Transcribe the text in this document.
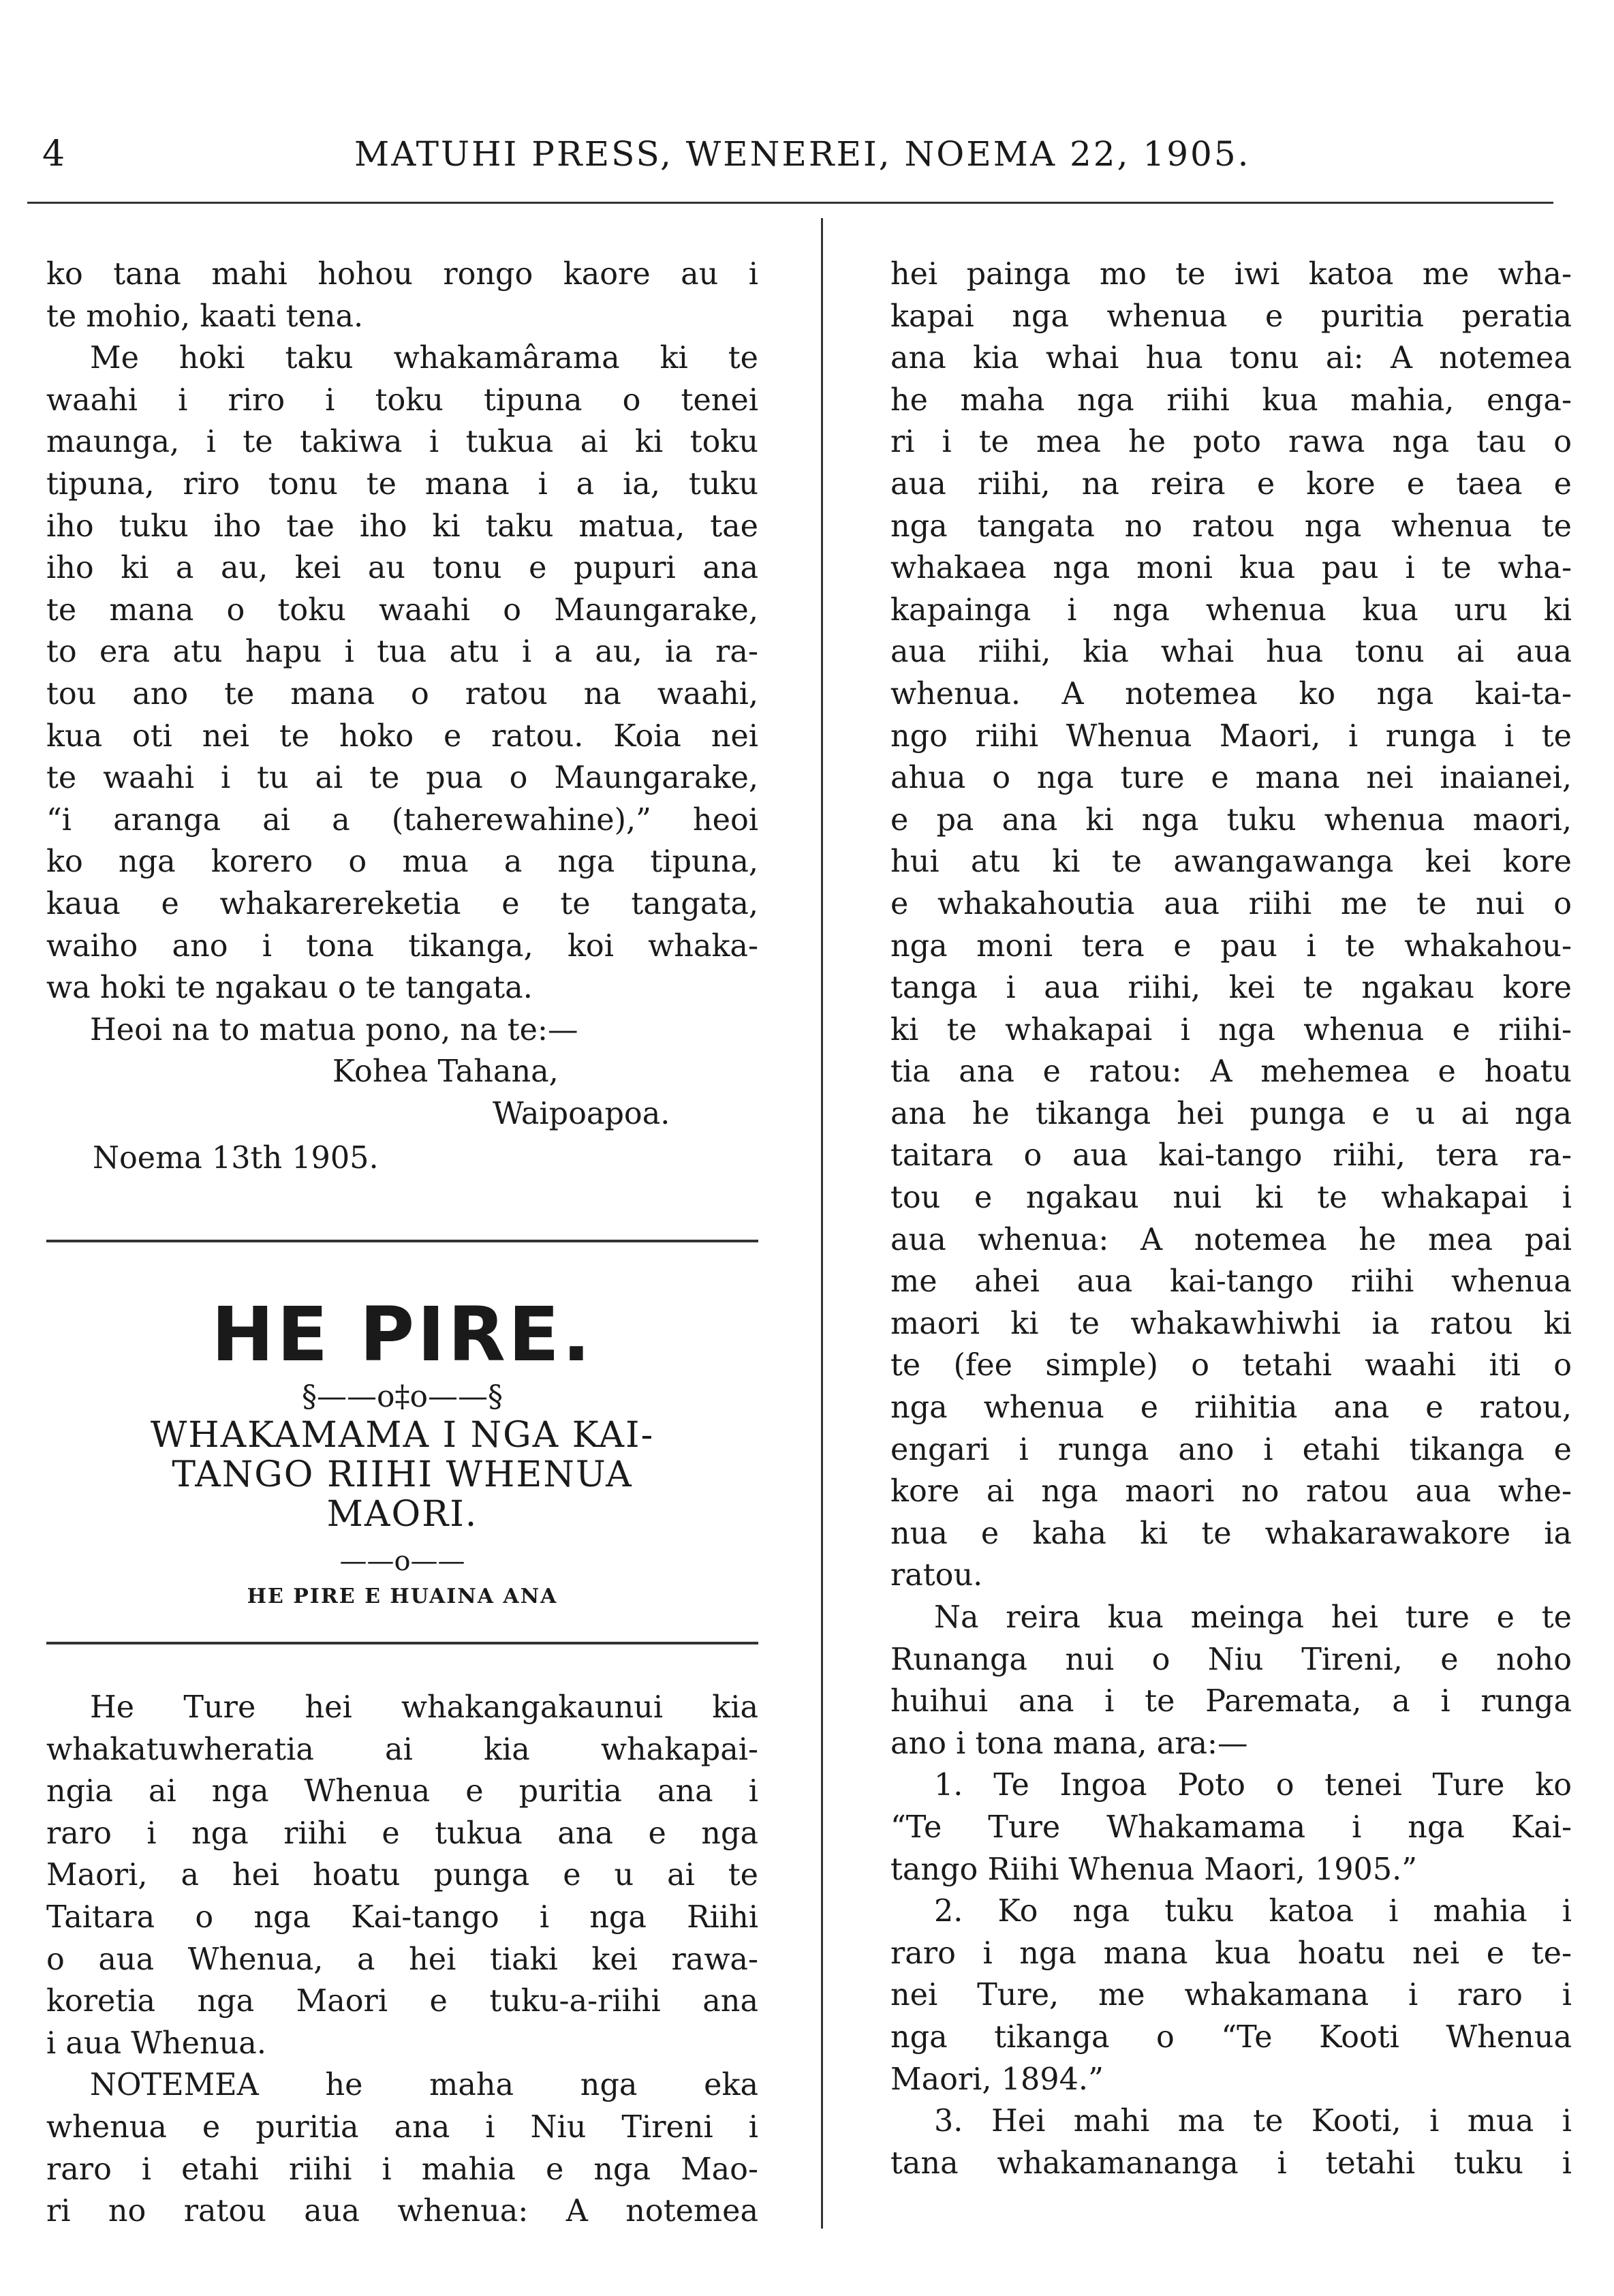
4	MATUHI PRESS, WENEREI, NOEMA 22, 1905.
ko tana mahi hohou rongo kaore au i
te mohio, kaati tena.
Me hoki taku whakamârama ki te
waahi i riro i toku tipuna o tenei
maunga, i te takiwa i tukua ai ki toku
tipuna, riro tonu te mana i a ia, tuku
iho tuku iho tae iho ki taku matua, tae
iho ki a au, kei au tonu e pupuri ana
te mana o toku waahi o Maungarake,
to era atu hapu i tua atu i a au, ia ra-
tou ano te mana o ratou na waahi,
kua oti nei te hoko e ratou. Koia nei
te waahi i tu ai te pua o Maungarake,
“i aranga ai a (taherewahine),” heoi
ko nga korero o mua a nga tipuna,
kaua e whakarereketia e te tangata,
waiho ano i tona tikanga, koi whaka-
wa hoki te ngakau o te tangata.
Heoi na to matua pono, na te:—
Kohea Tahana,
Waipoapoa.
Noema 13th 1905.
HE PIRE.
§——o‡o——§
WHAKAMAMA I NGA KAI-
TANGO RIIHI WHENUA
MAORI.
——o——
HE PIRE E HUAINA ANA
He Ture hei whakangakaunui kia
whakatuwheratia ai kia whakapai-
ngia ai nga Whenua e puritia ana i
raro i nga riihi e tukua ana e nga
Maori, a hei hoatu punga e u ai te
Taitara o nga Kai-tango i nga Riihi
o aua Whenua, a hei tiaki kei rawa-
koretia nga Maori e tuku-a-riihi ana
i aua Whenua.
NOTEMEA he maha nga eka
whenua e puritia ana i Niu Tireni i
raro i etahi riihi i mahia e nga Mao-
ri no ratou aua whenua: A notemea
hei painga mo te iwi katoa me wha-
kapai nga whenua e puritia peratia
ana kia whai hua tonu ai: A notemea
he maha nga riihi kua mahia, enga-
ri i te mea he poto rawa nga tau o
aua riihi, na reira e kore e taea e
nga tangata no ratou nga whenua te
whakaea nga moni kua pau i te wha-
kapainga i nga whenua kua uru ki
aua riihi, kia whai hua tonu ai aua
whenua. A notemea ko nga kai-ta-
ngo riihi Whenua Maori, i runga i te
ahua o nga ture e mana nei inaianei,
e pa ana ki nga tuku whenua maori,
hui atu ki te awangawanga kei kore
e whakahoutia aua riihi me te nui o
nga moni tera e pau i te whakahou-
tanga i aua riihi, kei te ngakau kore
ki te whakapai i nga whenua e riihi-
tia ana e ratou: A mehemea e hoatu
ana he tikanga hei punga e u ai nga
taitara o aua kai-tango riihi, tera ra-
tou e ngakau nui ki te whakapai i
aua whenua: A notemea he mea pai
me ahei aua kai-tango riihi whenua
maori ki te whakawhiwhi ia ratou ki
te (fee simple) o tetahi waahi iti o
nga whenua e riihitia ana e ratou,
engari i runga ano i etahi tikanga e
kore ai nga maori no ratou aua whe-
nua e kaha ki te whakarawakore ia
ratou.
Na reira kua meinga hei ture e te
Runanga nui o Niu Tireni, e noho
huihui ana i te Paremata, a i runga
ano i tona mana, ara:—
1. Te Ingoa Poto o tenei Ture ko
“Te Ture Whakamama i nga Kai-
tango Riihi Whenua Maori, 1905.”
2. Ko nga tuku katoa i mahia i
raro i nga mana kua hoatu nei e te-
nei Ture, me whakamana i raro i
nga tikanga o “Te Kooti Whenua
Maori, 1894.”
3. Hei mahi ma te Kooti, i mua i
tana whakamananga i tetahi tuku i
